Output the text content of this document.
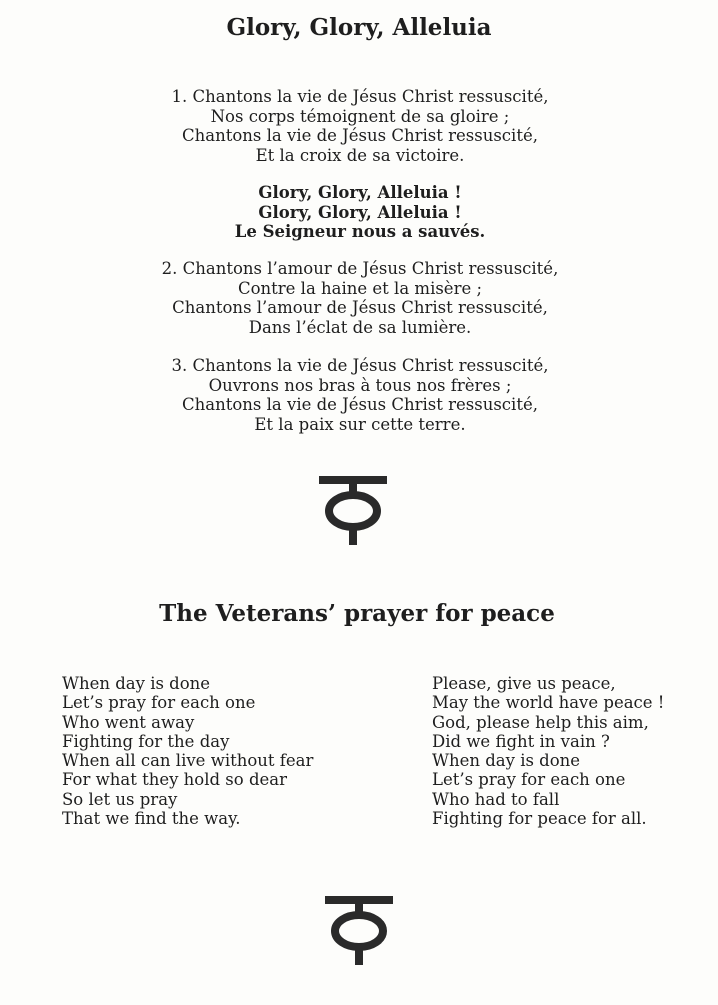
Glory, Glory, Alleluia
1. Chantons la vie de Jésus Christ ressuscité,
Nos corps témoignent de sa gloire ;
Chantons la vie de Jésus Christ ressuscité,
Et la croix de sa victoire.
Glory, Glory, Alleluia !
Glory, Glory, Alleluia !
Le Seigneur nous a sauvés.
2. Chantons l’amour de Jésus Christ ressuscité,
Contre la haine et la misère ;
Chantons l’amour de Jésus Christ ressuscité,
Dans l’éclat de sa lumière.
3. Chantons la vie de Jésus Christ ressuscité,
Ouvrons nos bras à tous nos frères ;
Chantons la vie de Jésus Christ ressuscité,
Et la paix sur cette terre.
The Veterans’ prayer for peace
When day is done
Let’s pray for each one
Who went away
Fighting for the day
When all can live without fear
For what they hold so dear
So let us pray
That we find the way.
Please, give us peace,
May the world have peace !
God, please help this aim,
Did we fight in vain ?
When day is done
Let’s pray for each one
Who had to fall
Fighting for peace for all.
